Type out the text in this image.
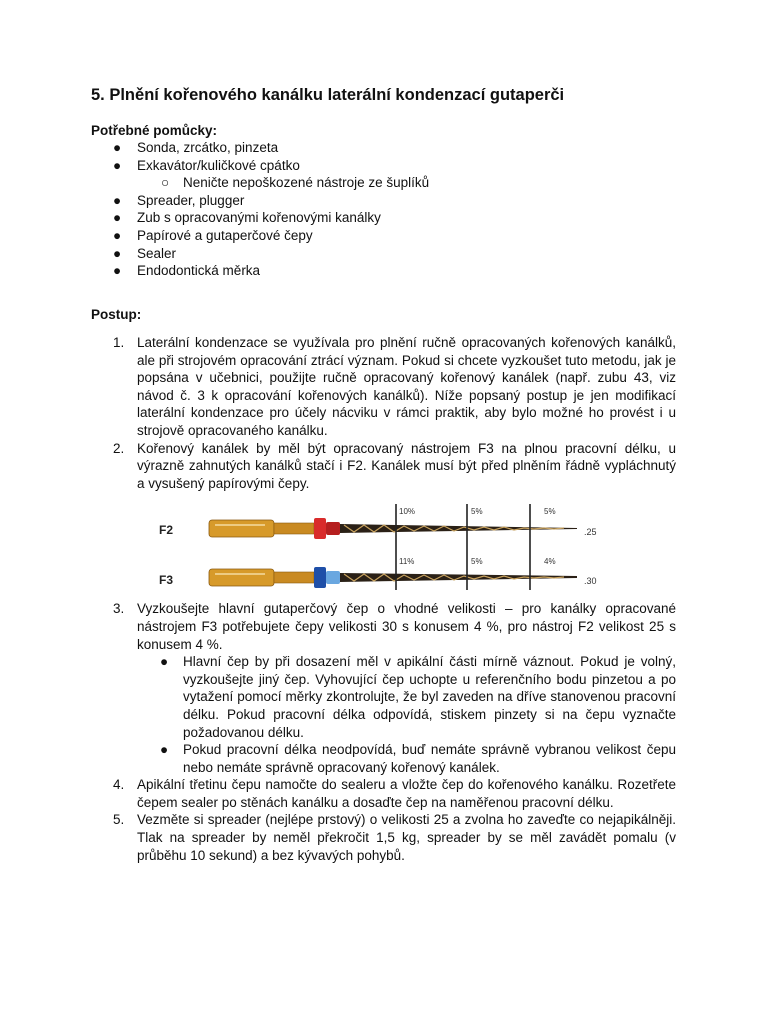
5. Plnění kořenového kanálku laterální kondenzací gutaperči
Potřebné pomůcky:
● Sonda, zrcátko, pinzeta
● Exkavátor/kuličkové cpátko
○ Neničte nepoškozené nástroje ze šuplíků
● Spreader, plugger
● Zub s opracovanými kořenovými kanálky
● Papírové a gutaperčové čepy
● Sealer
● Endodontická měrka
Postup:
1. Laterální kondenzace se využívala pro plnění ručně opracovaných kořenových kanálků, ale při strojovém opracování ztrácí význam. Pokud si chcete vyzkoušet tuto metodu, jak je popsána v učebnici, použijte ručně opracovaný kořenový kanálek (např. zubu 43, viz návod č. 3 k opracování kořenových kanálků). Níže popsaný postup je jen modifikací laterální kondenzace pro účely nácviku v rámci praktik, aby bylo možné ho provést i u strojově opracovaného kanálku.
2. Kořenový kanálek by měl být opracovaný nástrojem F3 na plnou pracovní délku, u výrazně zahnutých kanálků stačí i F2. Kanálek musí být před plněním řádně vypláchnutý a vysušený papírovými čepy.
F2
10%	5%	5%
.25
F3
11%	5%	4%
.30
3. Vyzkoušejte hlavní gutaperčový čep o vhodné velikosti – pro kanálky opracované nástrojem F3 potřebujete čepy velikosti 30 s konusem 4 %, pro nástroj F2 velikost 25 s konusem 4 %.
● Hlavní čep by při dosazení měl v apikální části mírně váznout. Pokud je volný, vyzkoušejte jiný čep. Vyhovující čep uchopte u referenčního bodu pinzetou a po vytažení pomocí měrky zkontrolujte, že byl zaveden na dříve stanovenou pracovní délku. Pokud pracovní délka odpovídá, stiskem pinzety si na čepu vyznačte požadovanou délku.
● Pokud pracovní délka neodpovídá, buď nemáte správně vybranou velikost čepu nebo nemáte správně opracovaný kořenový kanálek.
4. Apikální třetinu čepu namočte do sealeru a vložte čep do kořenového kanálku. Rozetřete čepem sealer po stěnách kanálku a dosaďte čep na naměřenou pracovní délku.
5. Vezměte si spreader (nejlépe prstový) o velikosti 25 a zvolna ho zaveďte co nejapikálněji. Tlak na spreader by neměl překročit 1,5 kg, spreader by se měl zavádět pomalu (v průběhu 10 sekund) a bez kývavých pohybů.
